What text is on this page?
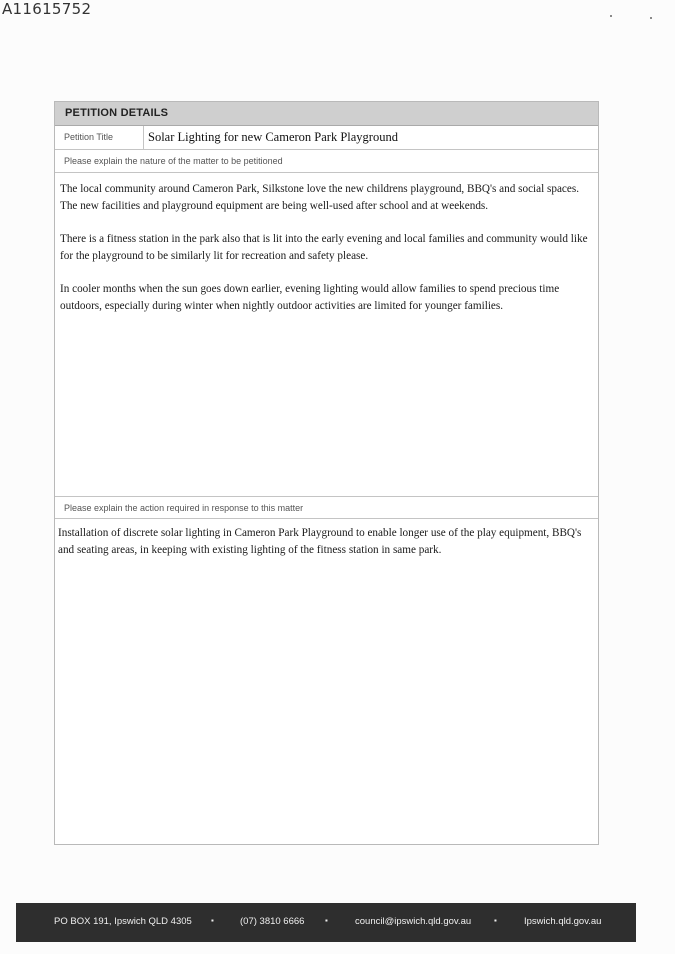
A11615752
PETITION DETAILS
Petition Title	Solar Lighting for new Cameron Park Playground
Please explain the nature of the matter to be petitioned

The local community around Cameron Park, Silkstone love the new childrens playground, BBQ's and social spaces. The new facilities and playground equipment are being well-used after school and at weekends.

There is a fitness station in the park also that is lit into the early evening and local families and community would like for the playground to be similarly lit for recreation and safety please.

In cooler months when the sun goes down earlier, evening lighting would allow families to spend precious time outdoors, especially during winter when nightly outdoor activities are limited for younger families.

Please explain the action required in response to this matter

Installation of discrete solar lighting in Cameron Park Playground to enable longer use of the play equipment, BBQ's and seating areas, in keeping with existing lighting of the fitness station in same park.

PO BOX 191, Ipswich QLD 4305 ▪	(07) 3810 6666	▪	council@ipswich.qld.gov.au	▪	Ipswich.qld.gov.au
